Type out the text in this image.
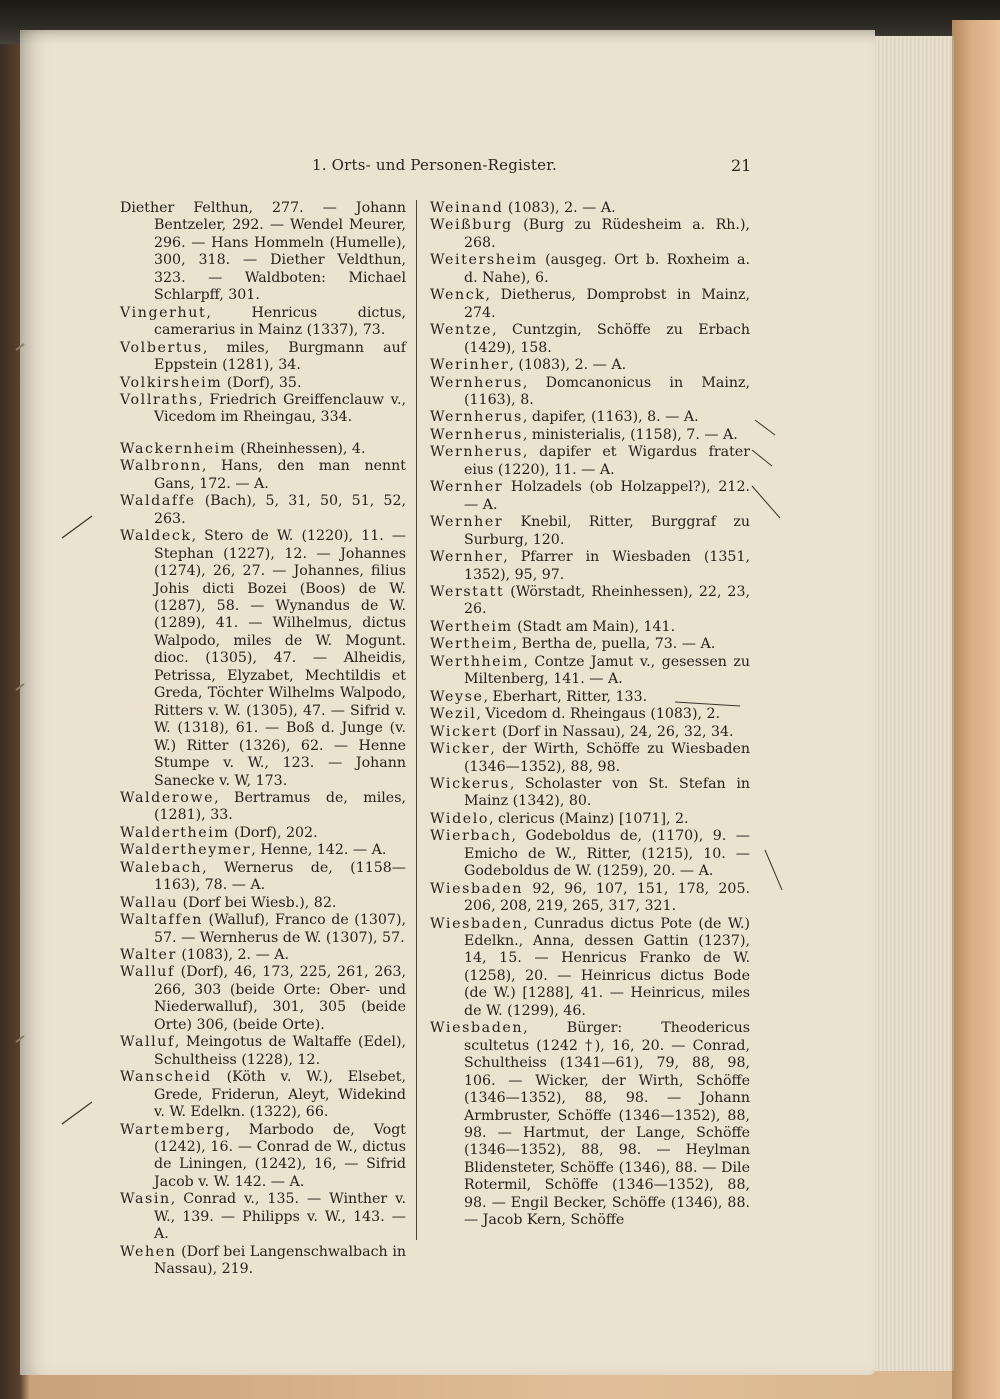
1. Orts- und Personen-Register.	21

Diether Felthun, 277. — Johann Bentzeler, 292. — Wendel Meurer, 296. — Hans Hommeln (Humelle), 300, 318. — Diether Veldthun, 323. — Waldboten: Michael Schlarpff, 301.

Vingerhut, Henricus dictus, camerarius in Mainz (1337), 73.

Volbertus, miles, Burgmann auf Eppstein (1281), 34.

Volkirsheim (Dorf), 35.

Vollraths, Friedrich Greiffenclauw v., Vicedom im Rheingau, 334.

Wackernheim (Rheinhessen), 4.

Walbronn, Hans, den man nennt Gans, 172. — A.

Waldaffe (Bach), 5, 31, 50, 51, 52, 263.

Waldeck, Stero de W. (1220), 11. — Stephan (1227), 12. — Johannes (1274), 26, 27. — Johannes, filius Johis dicti Bozei (Boos) de W. (1287), 58. — Wynandus de W. (1289), 41. — Wilhelmus, dictus Walpodo, miles de W. Mogunt. dioc. (1305), 47. — Alheidis, Petrissa, Elyzabet, Mechtildis et Greda, Töchter Wilhelms Walpodo, Ritters v. W. (1305), 47. — Sifrid v. W. (1318), 61. — Boß d. Junge (v. W.) Ritter (1326), 62. — Henne Stumpe v. W., 123. — Johann Sanecke v. W, 173.

Walderowe, Bertramus de, miles, (1281), 33.

Waldertheim (Dorf), 202.

Waldertheymer, Henne, 142. — A.

Walebach, Wernerus de, (1158—1163), 78. — A.

Wallau (Dorf bei Wiesb.), 82.

Waltaffen (Walluf), Franco de (1307), 57. — Wernherus de W. (1307), 57.

Walter (1083), 2. — A.

Walluf (Dorf), 46, 173, 225, 261, 263, 266, 303 (beide Orte: Ober- und Niederwalluf), 301, 305 (beide Orte) 306, (beide Orte).

Walluf, Meingotus de Waltaffe (Edel), Schultheiss (1228), 12.

Wanscheid (Köth v. W.), Elsebet, Grede, Friderun, Aleyt, Widekind v. W. Edelkn. (1322), 66.

Wartemberg, Marbodo de, Vogt (1242), 16. — Conrad de W., dictus de Liningen, (1242), 16, — Sifrid Jacob v. W. 142. — A.

Wasin, Conrad v., 135. — Winther v. W., 139. — Philipps v. W., 143. — A.

Wehen (Dorf bei Langenschwalbach in Nassau), 219.

Weinand (1083), 2. — A.

Weißburg (Burg zu Rüdesheim a. Rh.), 268.

Weitersheim (ausgeg. Ort b. Roxheim a. d. Nahe), 6.

Wenck, Dietherus, Domprobst in Mainz, 274.

Wentze, Cuntzgin, Schöffe zu Erbach (1429), 158.

Werinher, (1083), 2. — A.

Wernherus, Domcanonicus in Mainz, (1163), 8.

Wernherus, dapifer, (1163), 8. — A.

Wernherus, ministerialis, (1158), 7. — A.

Wernherus, dapifer et Wigardus frater eius (1220), 11. — A.

Wernher Holzadels (ob Holzappel?), 212. — A.

Wernher Knebil, Ritter, Burggraf zu Surburg, 120.

Wernher, Pfarrer in Wiesbaden (1351, 1352), 95, 97.

Werstatt (Wörstadt, Rheinhessen), 22, 23, 26.

Wertheim (Stadt am Main), 141.

Wertheim, Bertha de, puella, 73. — A.

Werthheim, Contze Jamut v., gesessen zu Miltenberg, 141. — A.

Weyse, Eberhart, Ritter, 133.

Wezil, Vicedom d. Rheingaus (1083), 2.

Wickert (Dorf in Nassau), 24, 26, 32, 34.

Wicker, der Wirth, Schöffe zu Wiesbaden (1346—1352), 88, 98.

Wickerus, Scholaster von St. Stefan in Mainz (1342), 80.

Widelo, clericus (Mainz) [1071], 2.

Wierbach, Godeboldus de, (1170), 9. — Emicho de W., Ritter, (1215), 10. — Godeboldus de W. (1259), 20. — A.

Wiesbaden 92, 96, 107, 151, 178, 205. 206, 208, 219, 265, 317, 321.

Wiesbaden, Cunradus dictus Pote (de W.) Edelkn., Anna, dessen Gattin (1237), 14, 15. — Henricus Franko de W. (1258), 20. — Heinricus dictus Bode (de W.) [1288], 41. — Heinricus, miles de W. (1299), 46.

Wiesbaden, Bürger: Theodericus scultetus (1242 †), 16, 20. — Conrad, Schultheiss (1341—61), 79, 88, 98, 106. — Wicker, der Wirth, Schöffe (1346—1352), 88, 98. — Johann Armbruster, Schöffe (1346—1352), 88, 98. — Hartmut, der Lange, Schöffe (1346—1352), 88, 98. — Heylman Blidensteter, Schöffe (1346), 88. — Dile Rotermil, Schöffe (1346—1352), 88, 98. — Engil Becker, Schöffe (1346), 88. — Jacob Kern, Schöffe
